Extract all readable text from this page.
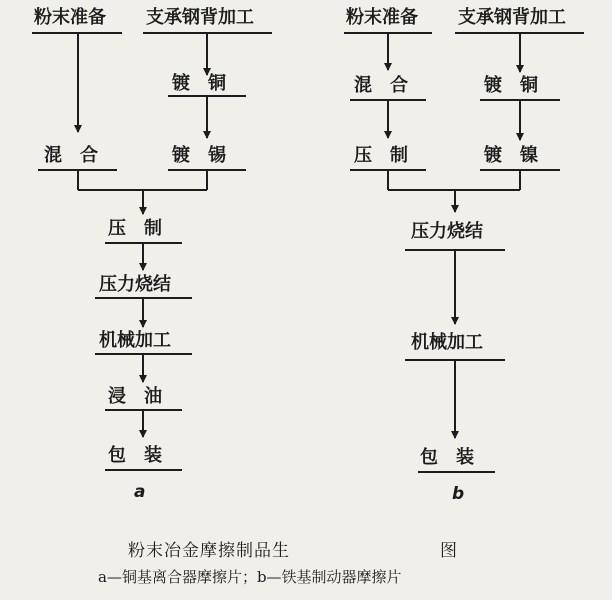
粉末准备 支承钢背加工
镀　铜
混　合	镀　锡
压　制
压力烧结
机械加工
浸　油
包　装
a
粉末准备 支承钢背加工
混　合	镀　铜
压　制	镀　镍
压力烧结
机械加工
包　装
b
粉末冶金摩擦制品生	图
a—铜基离合器摩擦片；b—铁基制动器摩擦片
